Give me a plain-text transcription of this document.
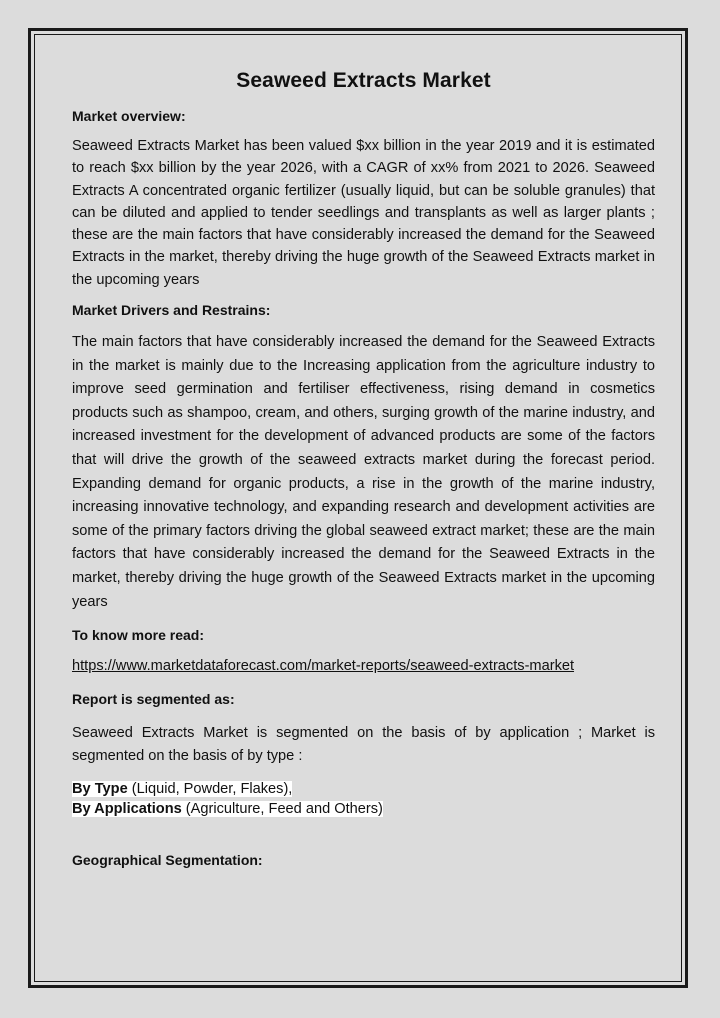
Seaweed Extracts Market
Market overview:

Seaweed Extracts Market has been valued $xx billion in the year 2019 and it is estimated to reach $xx billion by the year 2026, with a CAGR of xx% from 2021 to 2026. Seaweed Extracts A concentrated organic fertilizer (usually liquid, but can be soluble granules) that can be diluted and applied to tender seedlings and transplants as well as larger plants ; these are the main factors that have considerably increased the demand for the Seaweed Extracts in the market, thereby driving the huge growth of the Seaweed Extracts market in the upcoming years

Market Drivers and Restrains:

The main factors that have considerably increased the demand for the Seaweed Extracts in the market is mainly due to the Increasing application from the agriculture industry to improve seed germination and fertiliser effectiveness, rising demand in cosmetics products such as shampoo, cream, and others, surging growth of the marine industry, and increased investment for the development of advanced products are some of the factors that will drive the growth of the seaweed extracts market during the forecast period. Expanding demand for organic products, a rise in the growth of the marine industry, increasing innovative technology, and expanding research and development activities are some of the primary factors driving the global seaweed extract market; these are the main factors that have considerably increased the demand for the Seaweed Extracts in the market, thereby driving the huge growth of the Seaweed Extracts market in the upcoming years

To know more read:
https://www.marketdataforecast.com/market-reports/seaweed-extracts-market
Report is segmented as:

Seaweed Extracts Market is segmented on the basis of by application ; Market is segmented on the basis of by type :

By Type (Liquid, Powder, Flakes),
By Applications (Agriculture, Feed and Others)
Geographical Segmentation:
